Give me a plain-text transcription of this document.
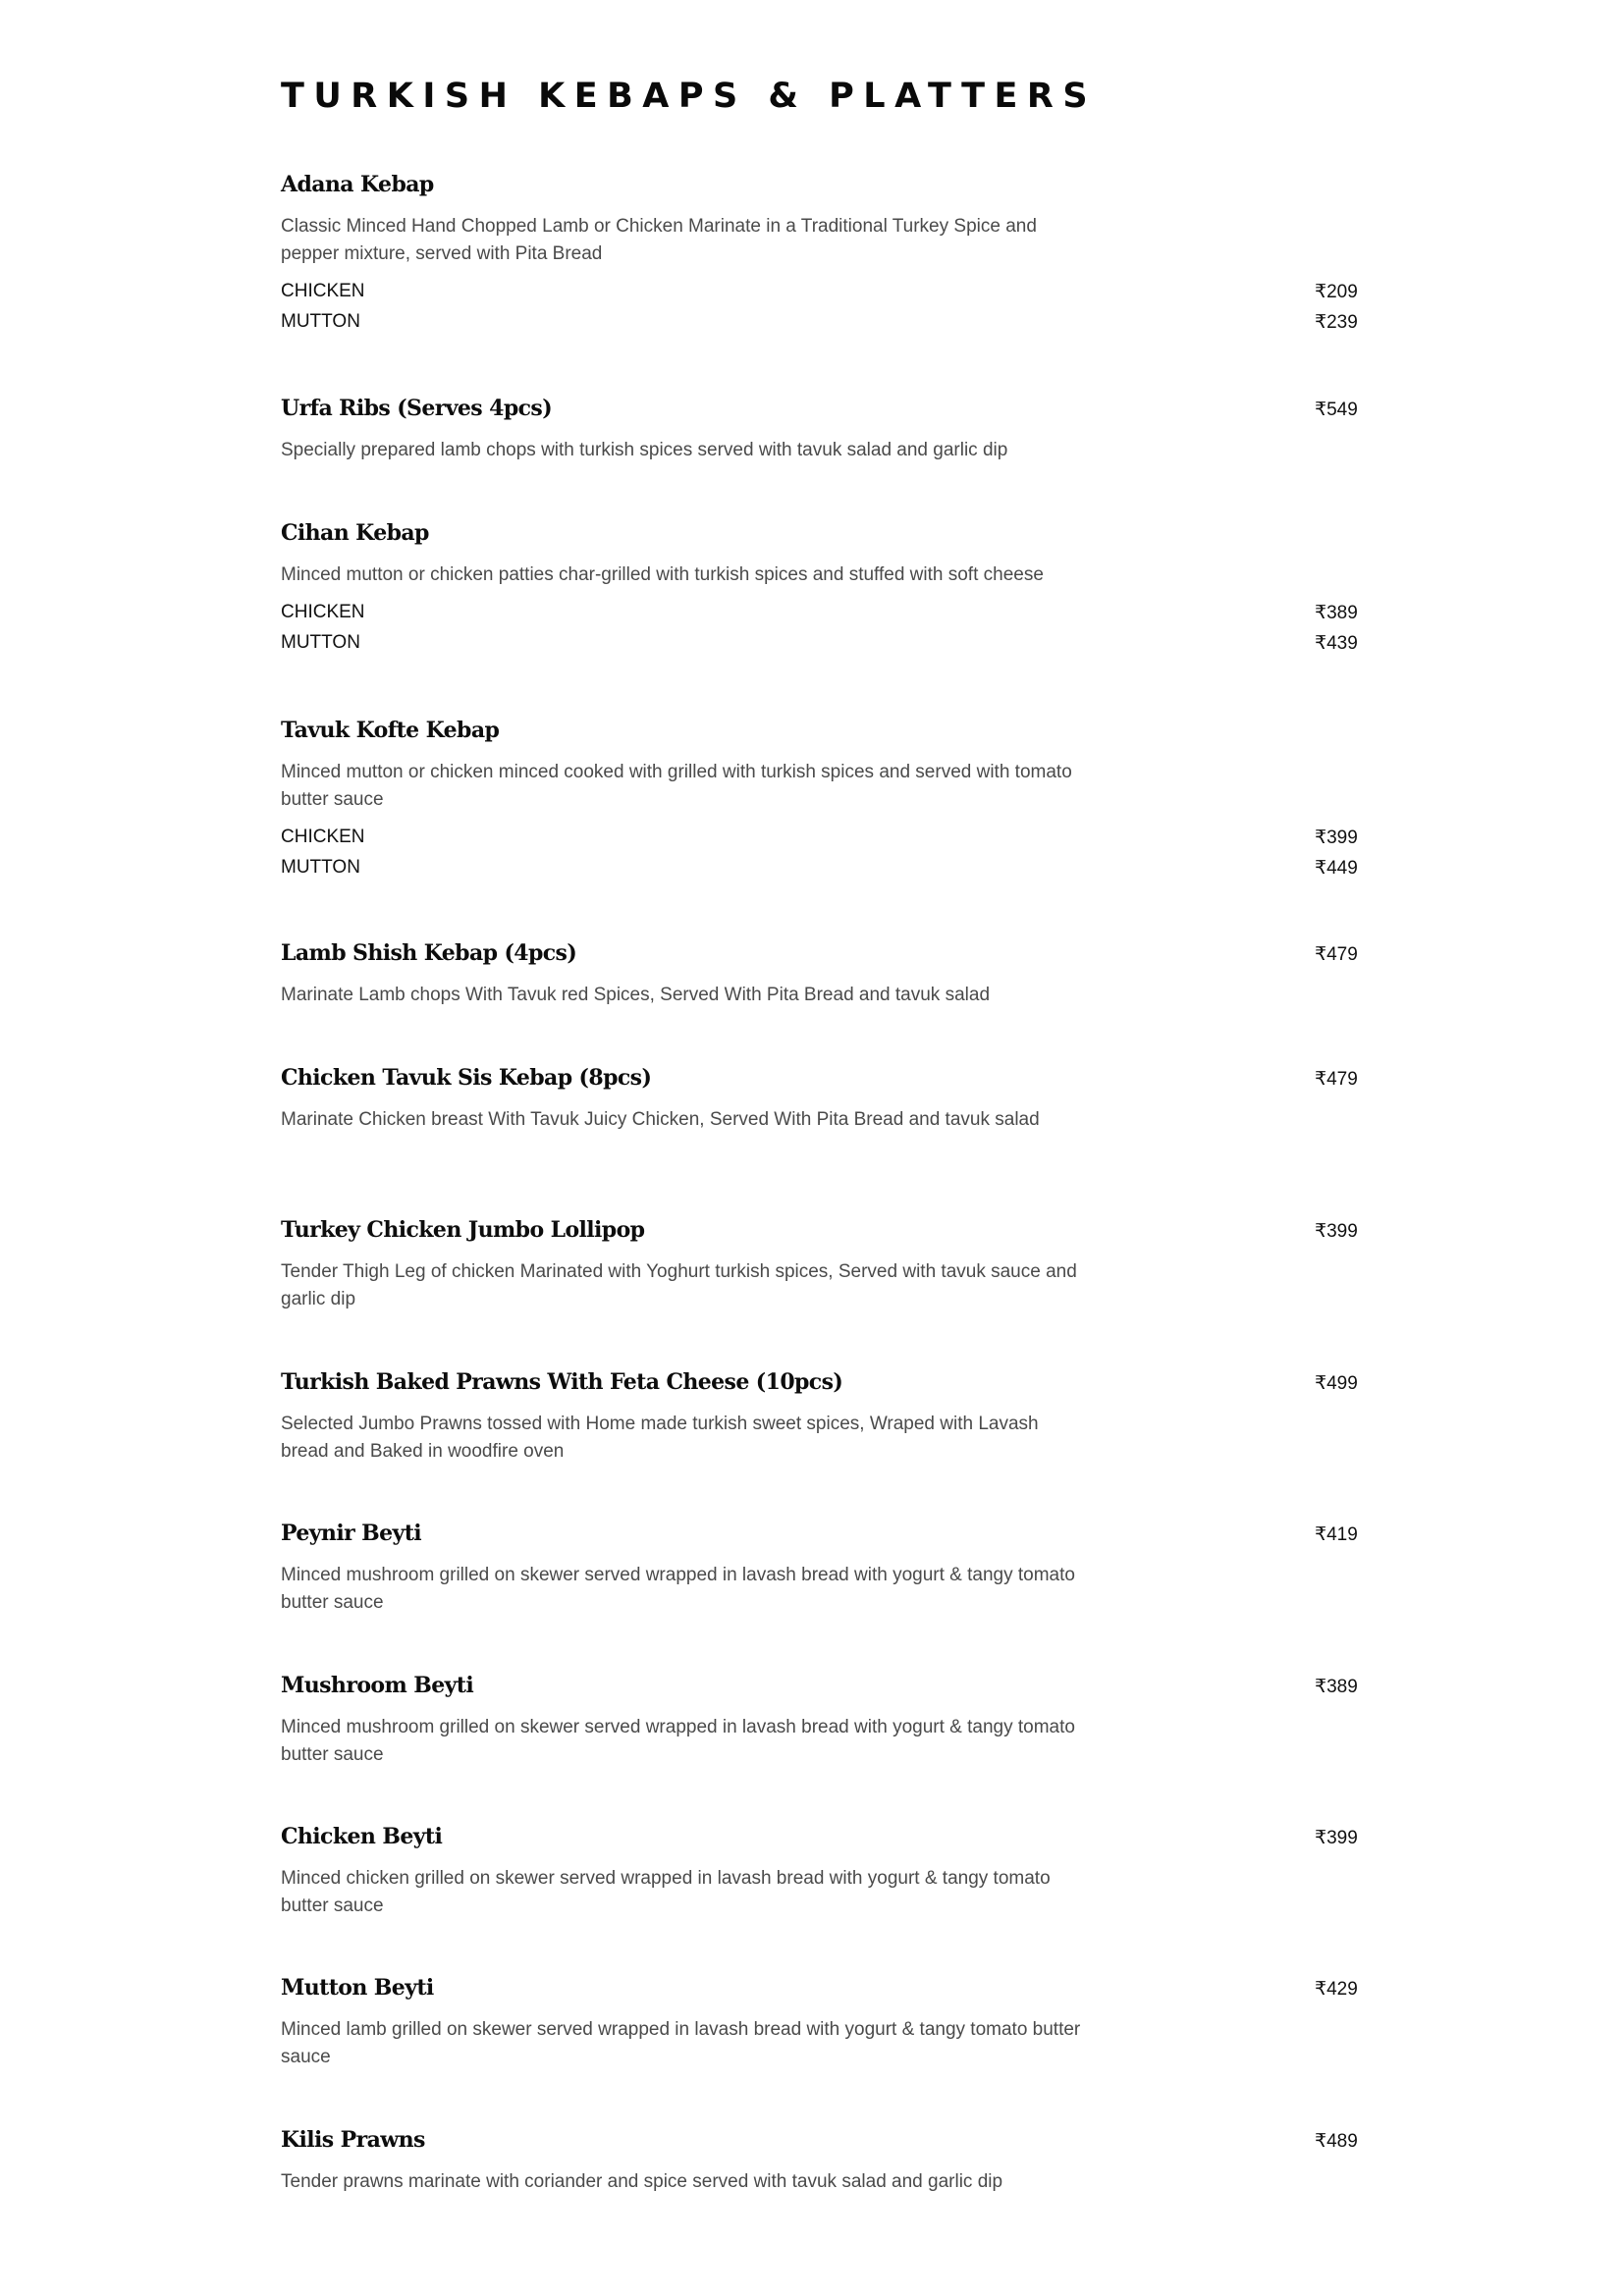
TURKISH KEBAPS & PLATTERS
Adana Kebap
Classic Minced Hand Chopped Lamb or Chicken Marinate in a Traditional Turkey Spice and pepper mixture, served with Pita Bread
CHICKEN	₹209
MUTTON	₹239
Urfa Ribs (Serves 4pcs)	₹549
Specially prepared lamb chops with turkish spices served with tavuk salad and garlic dip
Cihan Kebap
Minced mutton or chicken patties char-grilled with turkish spices and stuffed with soft cheese
CHICKEN	₹389
MUTTON	₹439
Tavuk Kofte Kebap
Minced mutton or chicken minced cooked with grilled with turkish spices and served with tomato butter sauce
CHICKEN	₹399
MUTTON	₹449
Lamb Shish Kebap (4pcs)	₹479
Marinate Lamb chops With Tavuk red Spices, Served With Pita Bread and tavuk salad
Chicken Tavuk Sis Kebap (8pcs)	₹479
Marinate Chicken breast With Tavuk Juicy Chicken, Served With Pita Bread and tavuk salad
Turkey Chicken Jumbo Lollipop	₹399
Tender Thigh Leg of chicken Marinated with Yoghurt turkish spices, Served with tavuk sauce and garlic dip
Turkish Baked Prawns With Feta Cheese (10pcs)	₹499
Selected Jumbo Prawns tossed with Home made turkish sweet spices, Wraped with Lavash bread and Baked in woodfire oven
Peynir Beyti	₹419
Minced mushroom grilled on skewer served wrapped in lavash bread with yogurt & tangy tomato butter sauce
Mushroom Beyti	₹389
Minced mushroom grilled on skewer served wrapped in lavash bread with yogurt & tangy tomato butter sauce
Chicken Beyti	₹399
Minced chicken grilled on skewer served wrapped in lavash bread with yogurt & tangy tomato butter sauce
Mutton Beyti	₹429
Minced lamb grilled on skewer served wrapped in lavash bread with yogurt & tangy tomato butter sauce
Kilis Prawns	₹489
Tender prawns marinate with coriander and spice served with tavuk salad and garlic dip
